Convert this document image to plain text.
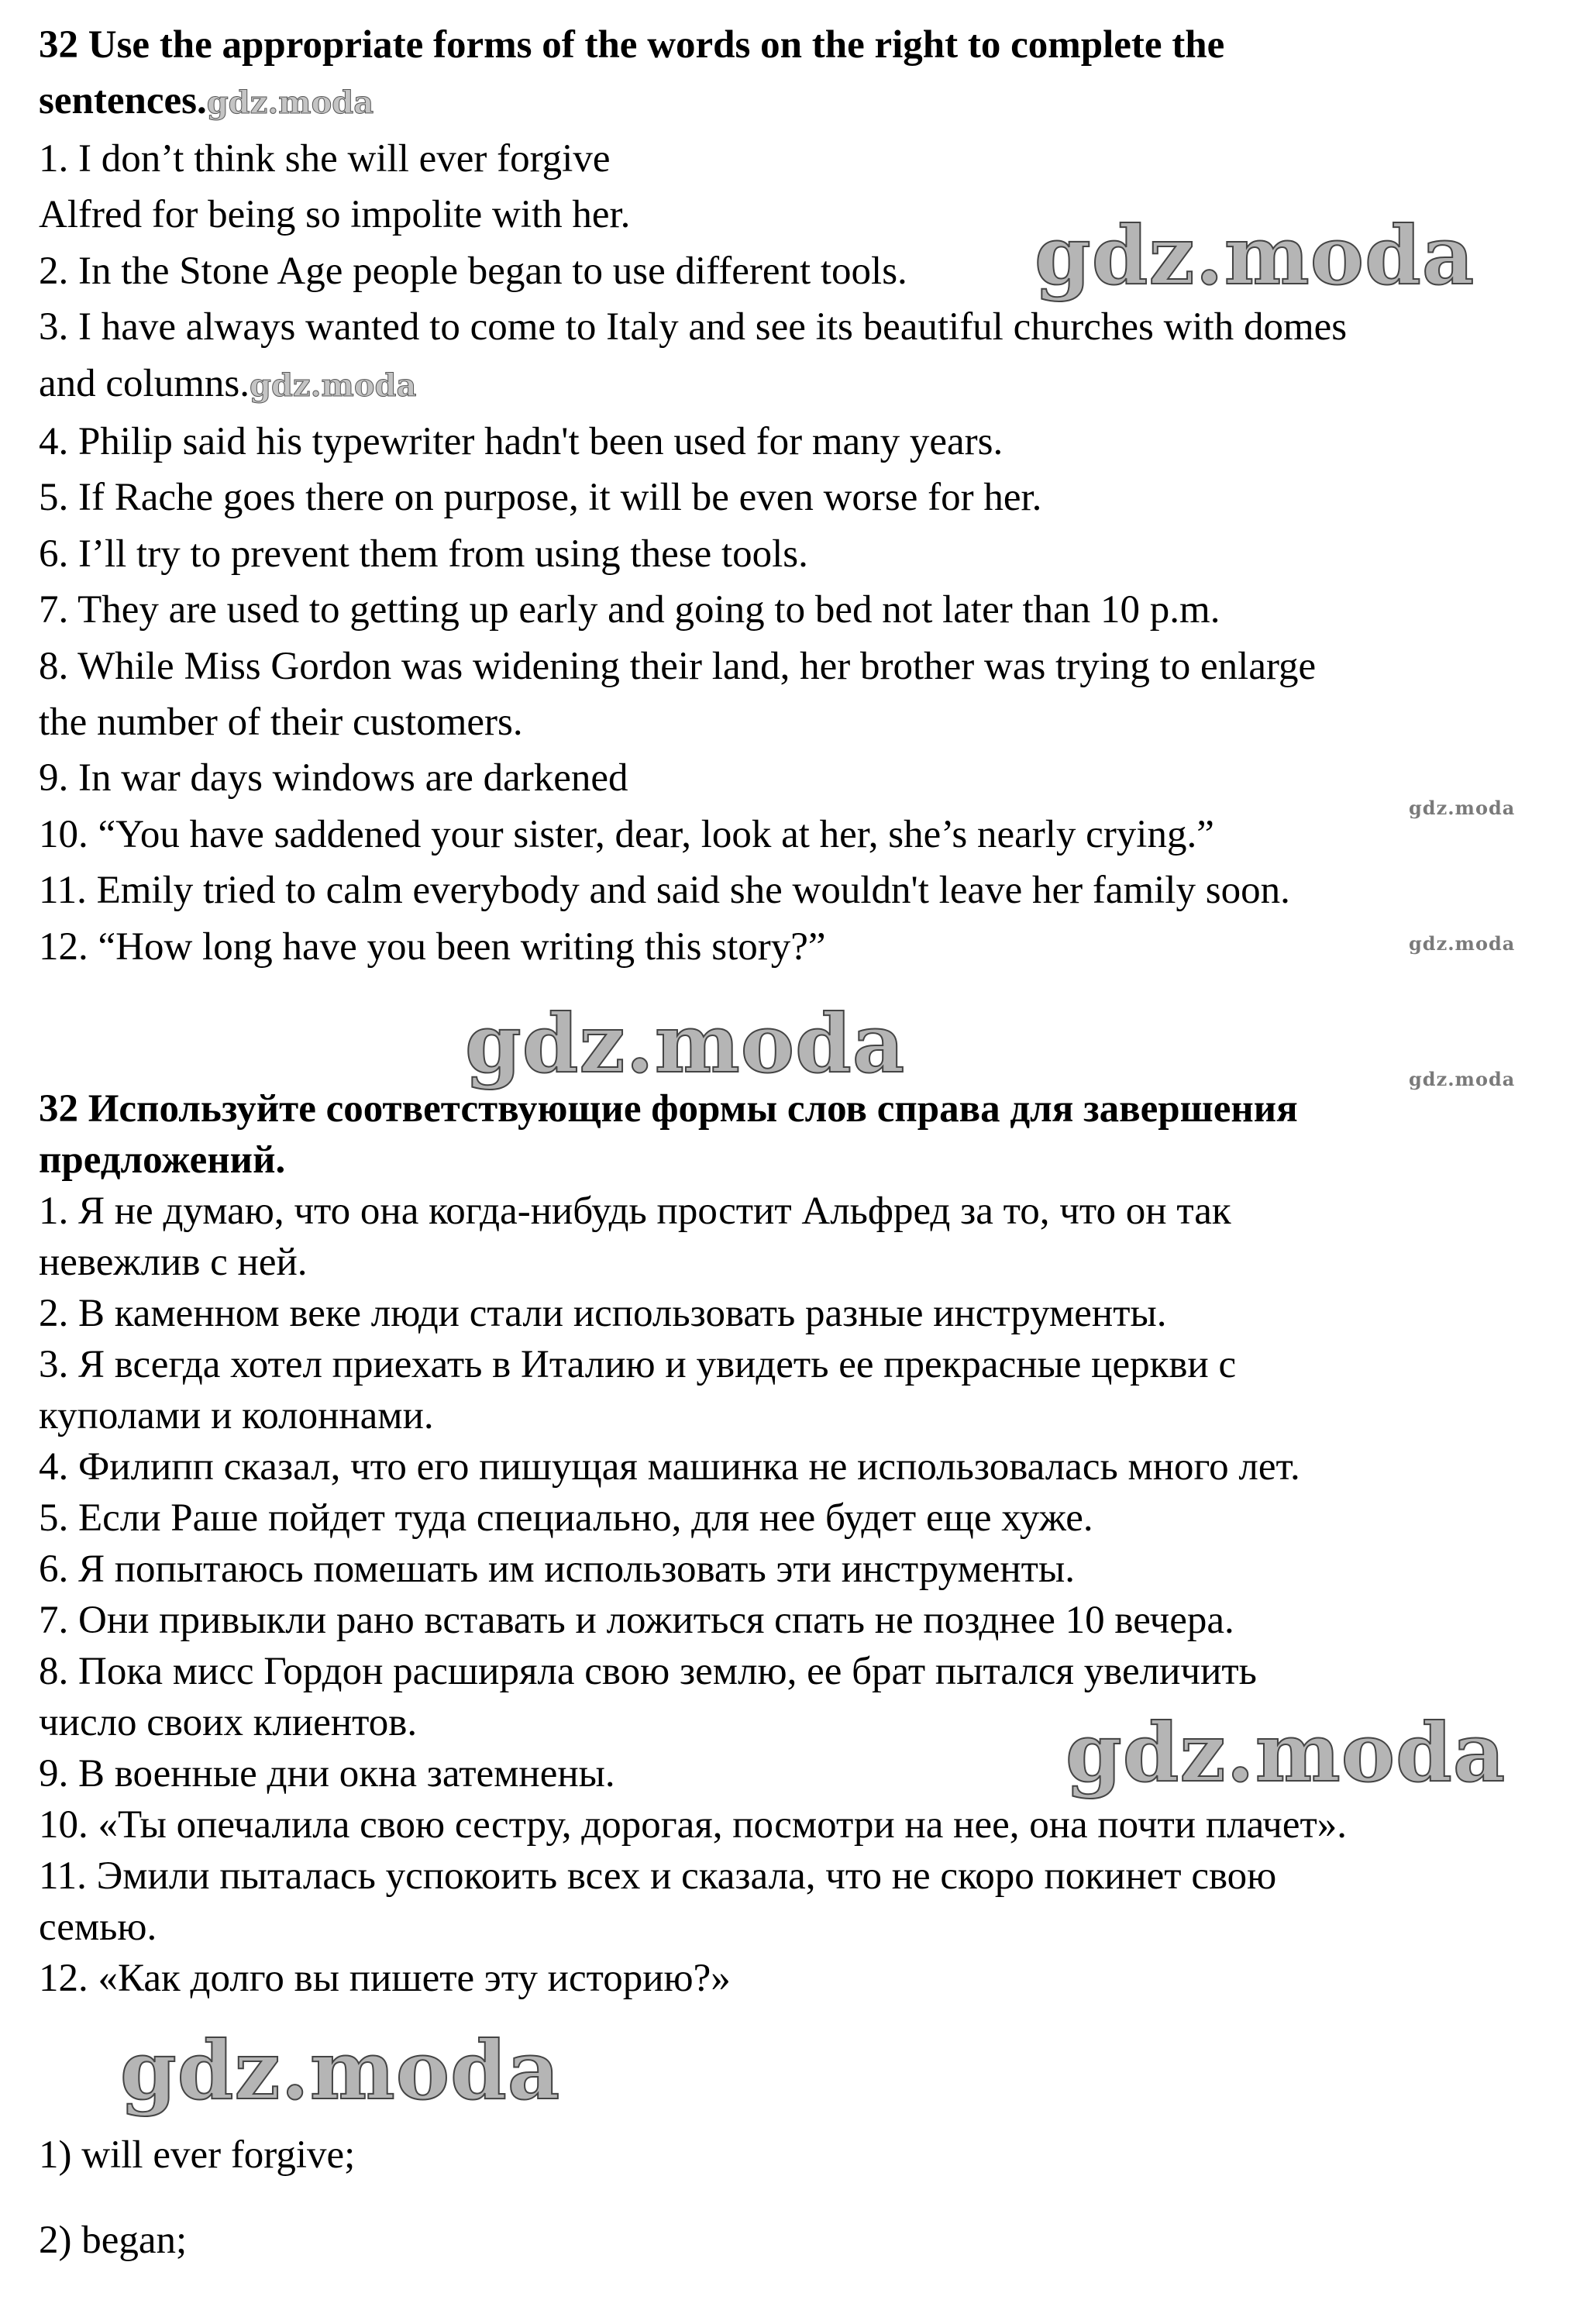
32 Use the appropriate forms of the words on the right to complete the
sentences.gdz.moda

1. I don’t think she will ever forgive

Alfred for being so impolite with her.

2. In the Stone Age people began to use different tools.

3. I have always wanted to come to Italy and see its beautiful churches with domes

and columns.gdz.moda

4. Philip said his typewriter hadn't been used for many years.

5. If Rache goes there on purpose, it will be even worse for her.

6. I’ll try to prevent them from using these tools.

7. They are used to getting up early and going to bed not later than 10 p.m.

8. While Miss Gordon was widening their land, her brother was trying to enlarge

the number of their customers.

9. In war days windows are darkened

10. “You have saddened your sister, dear, look at her, she’s nearly crying.”

11. Emily tried to calm everybody and said she wouldn't leave her family soon.

12. “How long have you been writing this story?”

32 Используйте соответствующие формы слов справа для завершения
предложений.

1. Я не думаю, что она когда-нибудь простит Альфред за то, что он так

невежлив с ней.

2. В каменном веке люди стали использовать разные инструменты.

3. Я всегда хотел приехать в Италию и увидеть ее прекрасные церкви с

куполами и колоннами.

4. Филипп сказал, что его пишущая машинка не использовалась много лет.

5. Если Раше пойдет туда специально, для нее будет еще хуже.

6. Я попытаюсь помешать им использовать эти инструменты.

7. Они привыкли рано вставать и ложиться спать не позднее 10 вечера.

8. Пока мисс Гордон расширяла свою землю, ее брат пытался увеличить

число своих клиентов.

9. В военные дни окна затемнены.

10. «Ты опечалила свою сестру, дорогая, посмотри на нее, она почти плачет».

11. Эмили пыталась успокоить всех и сказала, что не скоро покинет свою

семью.

12. «Как долго вы пишете эту историю?»

1) will ever forgive;

2) began;

gdz.moda
gdz.moda
gdz.moda
gdz.moda
gdz.moda
gdz.moda
gdz.moda
